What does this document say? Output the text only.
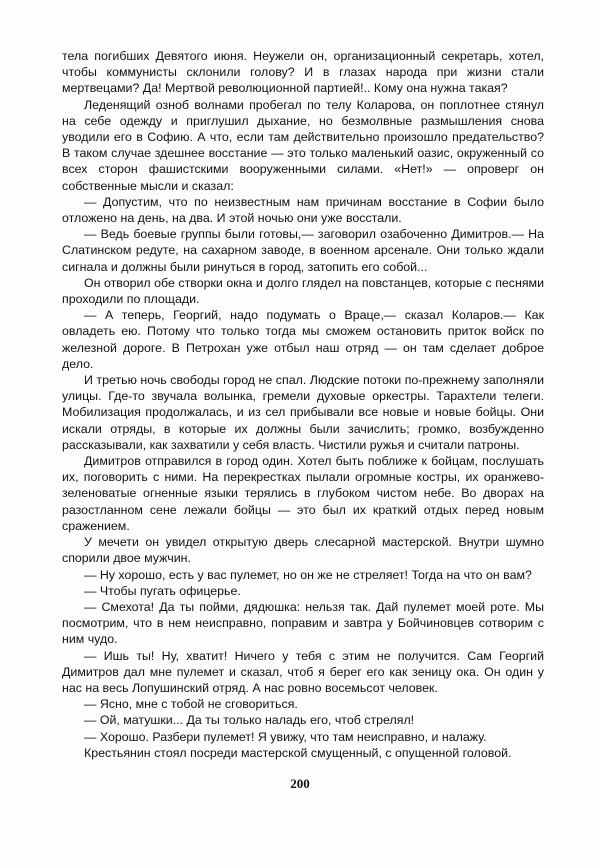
тела погибших Девятого июня. Неужели он, организационный секретарь, хотел, чтобы коммунисты склонили голову? И в глазах народа при жизни стали мертвецами? Да! Мертвой революционной партией!.. Кому она нужна такая?

Леденящий озноб волнами пробегал по телу Коларова, он поплотнее стянул на себе одежду и приглушил дыхание, но безмолвные размышления снова уводили его в Софию. А что, если там действительно произошло предательство? В таком случае здешнее восстание — это только маленький оазис, окруженный со всех сторон фашистскими вооруженными силами. «Нет!» — опроверг он собственные мысли и сказал:

— Допустим, что по неизвестным нам причинам восстание в Софии было отложено на день, на два. И этой ночью они уже восстали.

— Ведь боевые группы были готовы,— заговорил озабоченно Димитров.— На Слатинском редуте, на сахарном заводе, в военном арсенале. Они только ждали сигнала и должны были ринуться в город, затопить его собой...

Он отворил обе створки окна и долго глядел на повстанцев, которые с песнями проходили по площади.

— А теперь, Георгий, надо подумать о Враце,— сказал Коларов.— Как овладеть ею. Потому что только тогда мы сможем остановить приток войск по железной дороге. В Петрохан уже отбыл наш отряд — он там сделает доброе дело.

И третью ночь свободы город не спал. Людские потоки по-прежнему заполняли улицы. Где-то звучала волынка, гремели духовые оркестры. Тарахтели телеги. Мобилизация продолжалась, и из сел прибывали все новые и новые бойцы. Они искали отряды, в которые их должны были зачислить; громко, возбужденно рассказывали, как захватили у себя власть. Чистили ружья и считали патроны.

Димитров отправился в город один. Хотел быть поближе к бойцам, послушать их, поговорить с ними. На перекрестках пылали огромные костры, их оранжево-зеленоватые огненные языки терялись в глубоком чистом небе. Во дворах на разостланном сене лежали бойцы — это был их краткий отдых перед новым сражением.

У мечети он увидел открытую дверь слесарной мастерской. Внутри шумно спорили двое мужчин.

— Ну хорошо, есть у вас пулемет, но он же не стреляет! Тогда на что он вам?

— Чтобы пугать офицерье.

— Смехота! Да ты пойми, дядюшка: нельзя так. Дай пулемет моей роте. Мы посмотрим, что в нем неисправно, поправим и завтра у Бойчиновцев сотворим с ним чудо.

— Ишь ты! Ну, хватит! Ничего у тебя с этим не получится. Сам Георгий Димитров дал мне пулемет и сказал, чтоб я берег его как зеницу ока. Он один у нас на весь Лопушинский отряд. А нас ровно восемьсот человек.

— Ясно, мне с тобой не сговориться.

— Ой, матушки... Да ты только наладь его, чтоб стрелял!

— Хорошо. Разбери пулемет! Я увижу, что там неисправно, и налажу.

Крестьянин стоял посреди мастерской смущенный, с опущенной головой.

200
